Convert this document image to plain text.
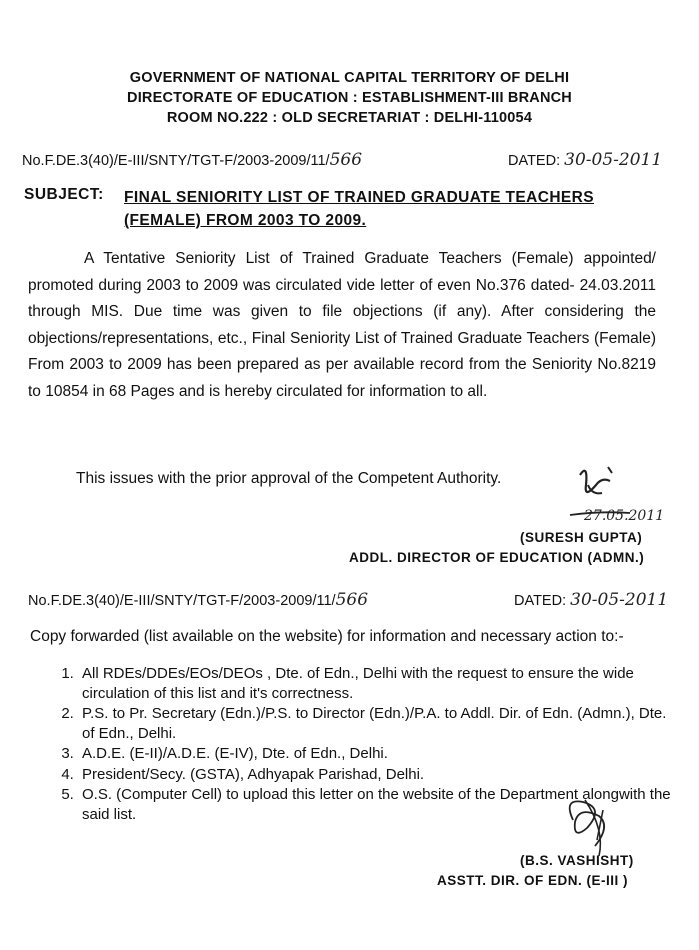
GOVERNMENT OF NATIONAL CAPITAL TERRITORY OF DELHI
DIRECTORATE OF EDUCATION : ESTABLISHMENT-III BRANCH
ROOM NO.222 : OLD SECRETARIAT : DELHI-110054
No.F.DE.3(40)/E-III/SNTY/TGT-F/2003-2009/11/566	DATED: 30-05-2011
SUBJECT: FINAL SENIORITY LIST OF TRAINED GRADUATE TEACHERS (FEMALE) FROM 2003 TO 2009.
A Tentative Seniority List of Trained Graduate Teachers (Female) appointed/ promoted during 2003 to 2009 was circulated vide letter of even No.376 dated- 24.03.2011 through MIS. Due time was given to file objections (if any). After considering the objections/representations, etc., Final Seniority List of Trained Graduate Teachers (Female) From 2003 to 2009 has been prepared as per available record from the Seniority No.8219 to 10854 in 68 Pages and is hereby circulated for information to all.
This issues with the prior approval of the Competent Authority.
27.05.2011
(SURESH GUPTA)
ADDL. DIRECTOR OF EDUCATION (ADMN.)
No.F.DE.3(40)/E-III/SNTY/TGT-F/2003-2009/11/566	DATED: 30-05-2011
Copy forwarded (list available on the website) for information and necessary action to:-
1. All RDEs/DDEs/EOs/DEOs , Dte. of Edn., Delhi with the request to ensure the wide circulation of this list and it's correctness.
2. P.S. to Pr. Secretary (Edn.)/P.S. to Director (Edn.)/P.A. to Addl. Dir. of Edn. (Admn.), Dte. of Edn., Delhi.
3. A.D.E. (E-II)/A.D.E. (E-IV), Dte. of Edn., Delhi.
4. President/Secy. (GSTA), Adhyapak Parishad, Delhi.
5. O.S. (Computer Cell) to upload this letter on the website of the Department alongwith the said list.
(B.S. VASHISHT)
ASSTT. DIR. OF EDN. (E-III )
